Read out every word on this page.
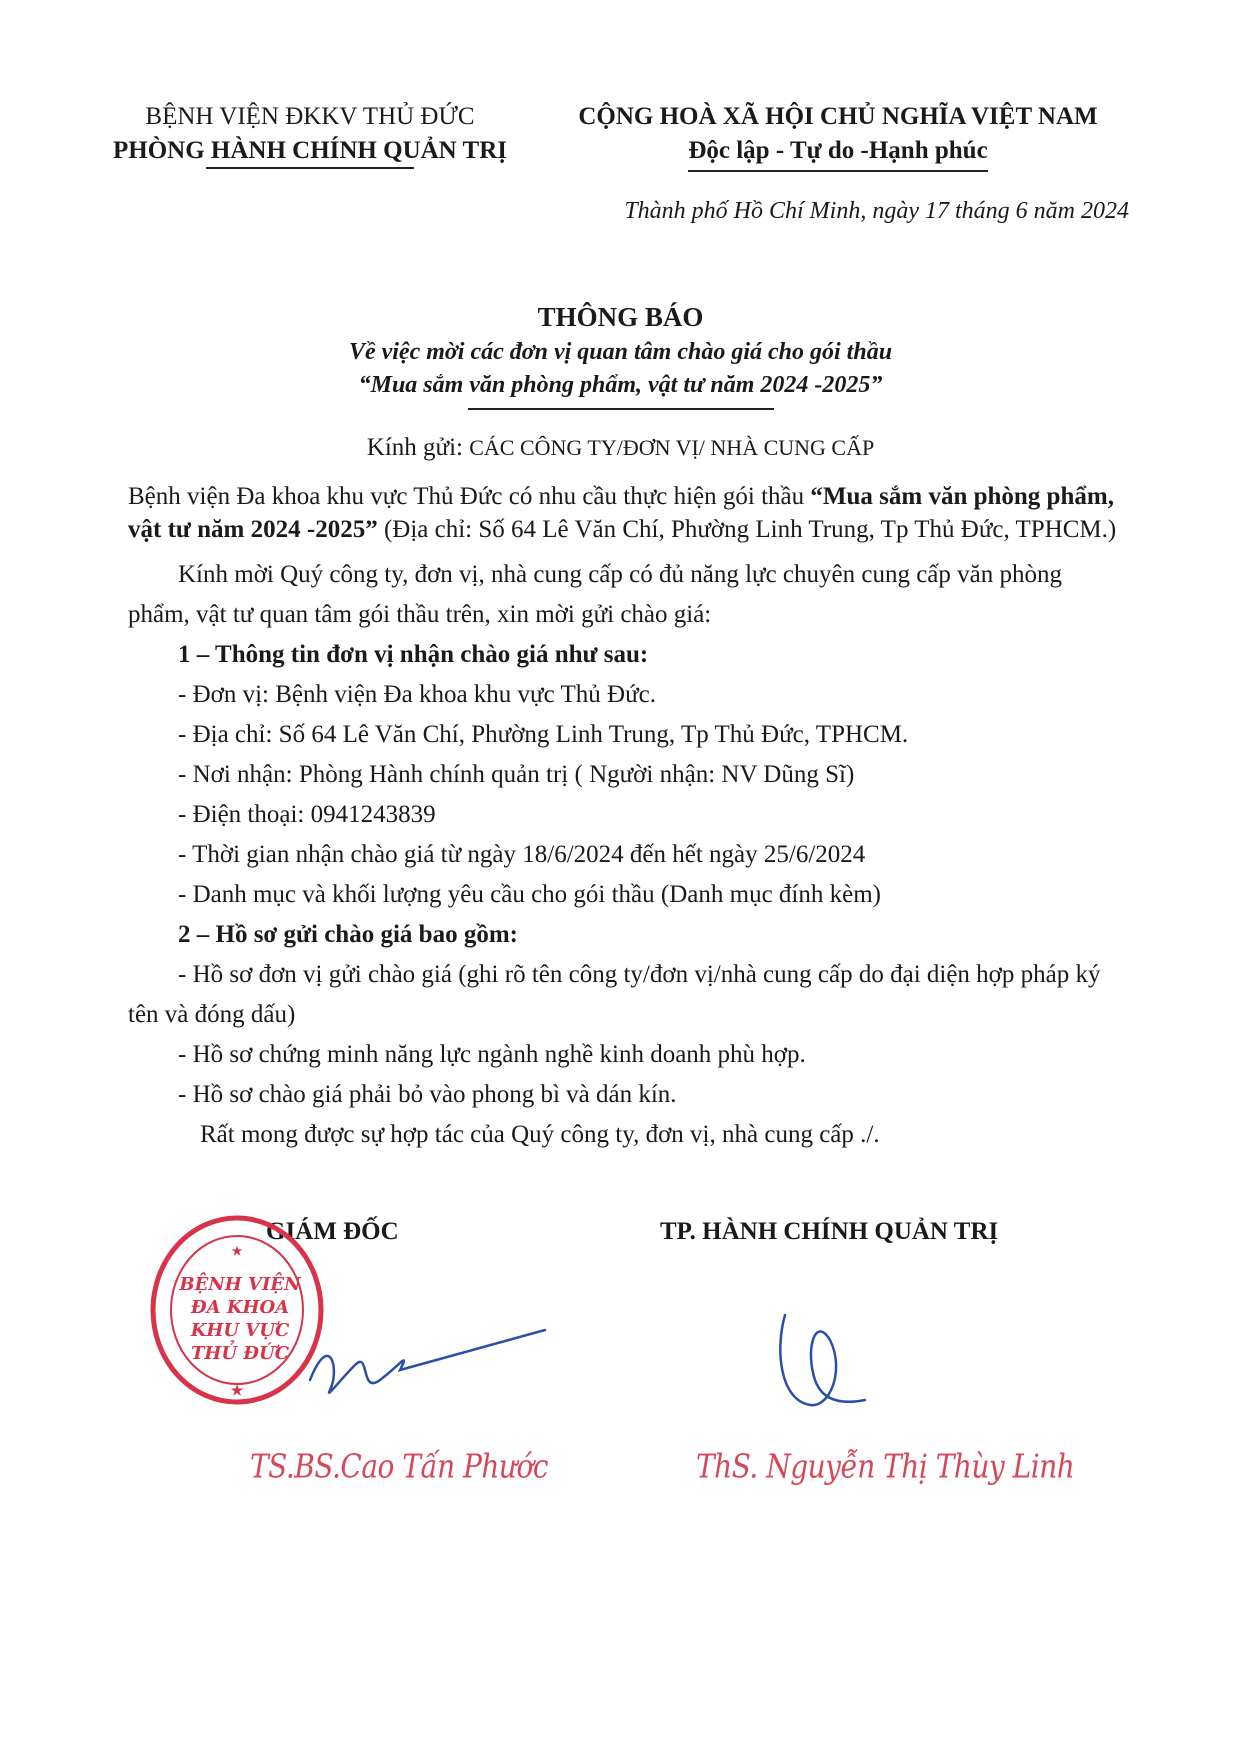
BỆNH VIỆN ĐKKV THỦ ĐỨC
PHÒNG HÀNH CHÍNH QUẢN TRỊ
CỘNG HOÀ XÃ HỘI CHỦ NGHĨA VIỆT NAM
Độc lập - Tự do -Hạnh phúc
Thành phố Hồ Chí Minh, ngày 17 tháng 6 năm 2024
THÔNG BÁO
Về việc mời các đơn vị quan tâm chào giá cho gói thầu
“Mua sắm văn phòng phẩm, vật tư năm 2024 -2025”
Kính gửi: CÁC CÔNG TY/ĐƠN VỊ/ NHÀ CUNG CẤP

Bệnh viện Đa khoa khu vực Thủ Đức có nhu cầu thực hiện gói thầu “Mua sắm văn phòng phẩm, vật tư năm 2024 -2025” (Địa chỉ: Số 64 Lê Văn Chí, Phường Linh Trung, Tp Thủ Đức, TPHCM.)

Kính mời Quý công ty, đơn vị, nhà cung cấp có đủ năng lực chuyên cung cấp văn phòng phẩm, vật tư quan tâm gói thầu trên, xin mời gửi chào giá:

1 – Thông tin đơn vị nhận chào giá như sau:

- Đơn vị: Bệnh viện Đa khoa khu vực Thủ Đức.

- Địa chỉ: Số 64 Lê Văn Chí, Phường Linh Trung, Tp Thủ Đức, TPHCM.

- Nơi nhận: Phòng Hành chính quản trị ( Người nhận: NV Dũng Sĩ)

- Điện thoại: 0941243839

- Thời gian nhận chào giá từ ngày 18/6/2024 đến hết ngày 25/6/2024

- Danh mục và khối lượng yêu cầu cho gói thầu (Danh mục đính kèm)

2 – Hồ sơ gửi chào giá bao gồm:

- Hồ sơ đơn vị gửi chào giá (ghi rõ tên công ty/đơn vị/nhà cung cấp do đại diện hợp pháp ký tên và đóng dấu)

- Hồ sơ chứng minh năng lực ngành nghề kinh doanh phù hợp.

- Hồ sơ chào giá phải bỏ vào phong bì và dán kín.

Rất mong được sự hợp tác của Quý công ty, đơn vị, nhà cung cấp ./.

GIÁM ĐỐC	TP. HÀNH CHÍNH QUẢN TRỊ
★
★
BỆNH VIỆN
ĐA KHOA
KHU VỰC
THỦ ĐỨC
TS.BS.Cao Tấn Phước	ThS. Nguyễn Thị Thùy Linh
